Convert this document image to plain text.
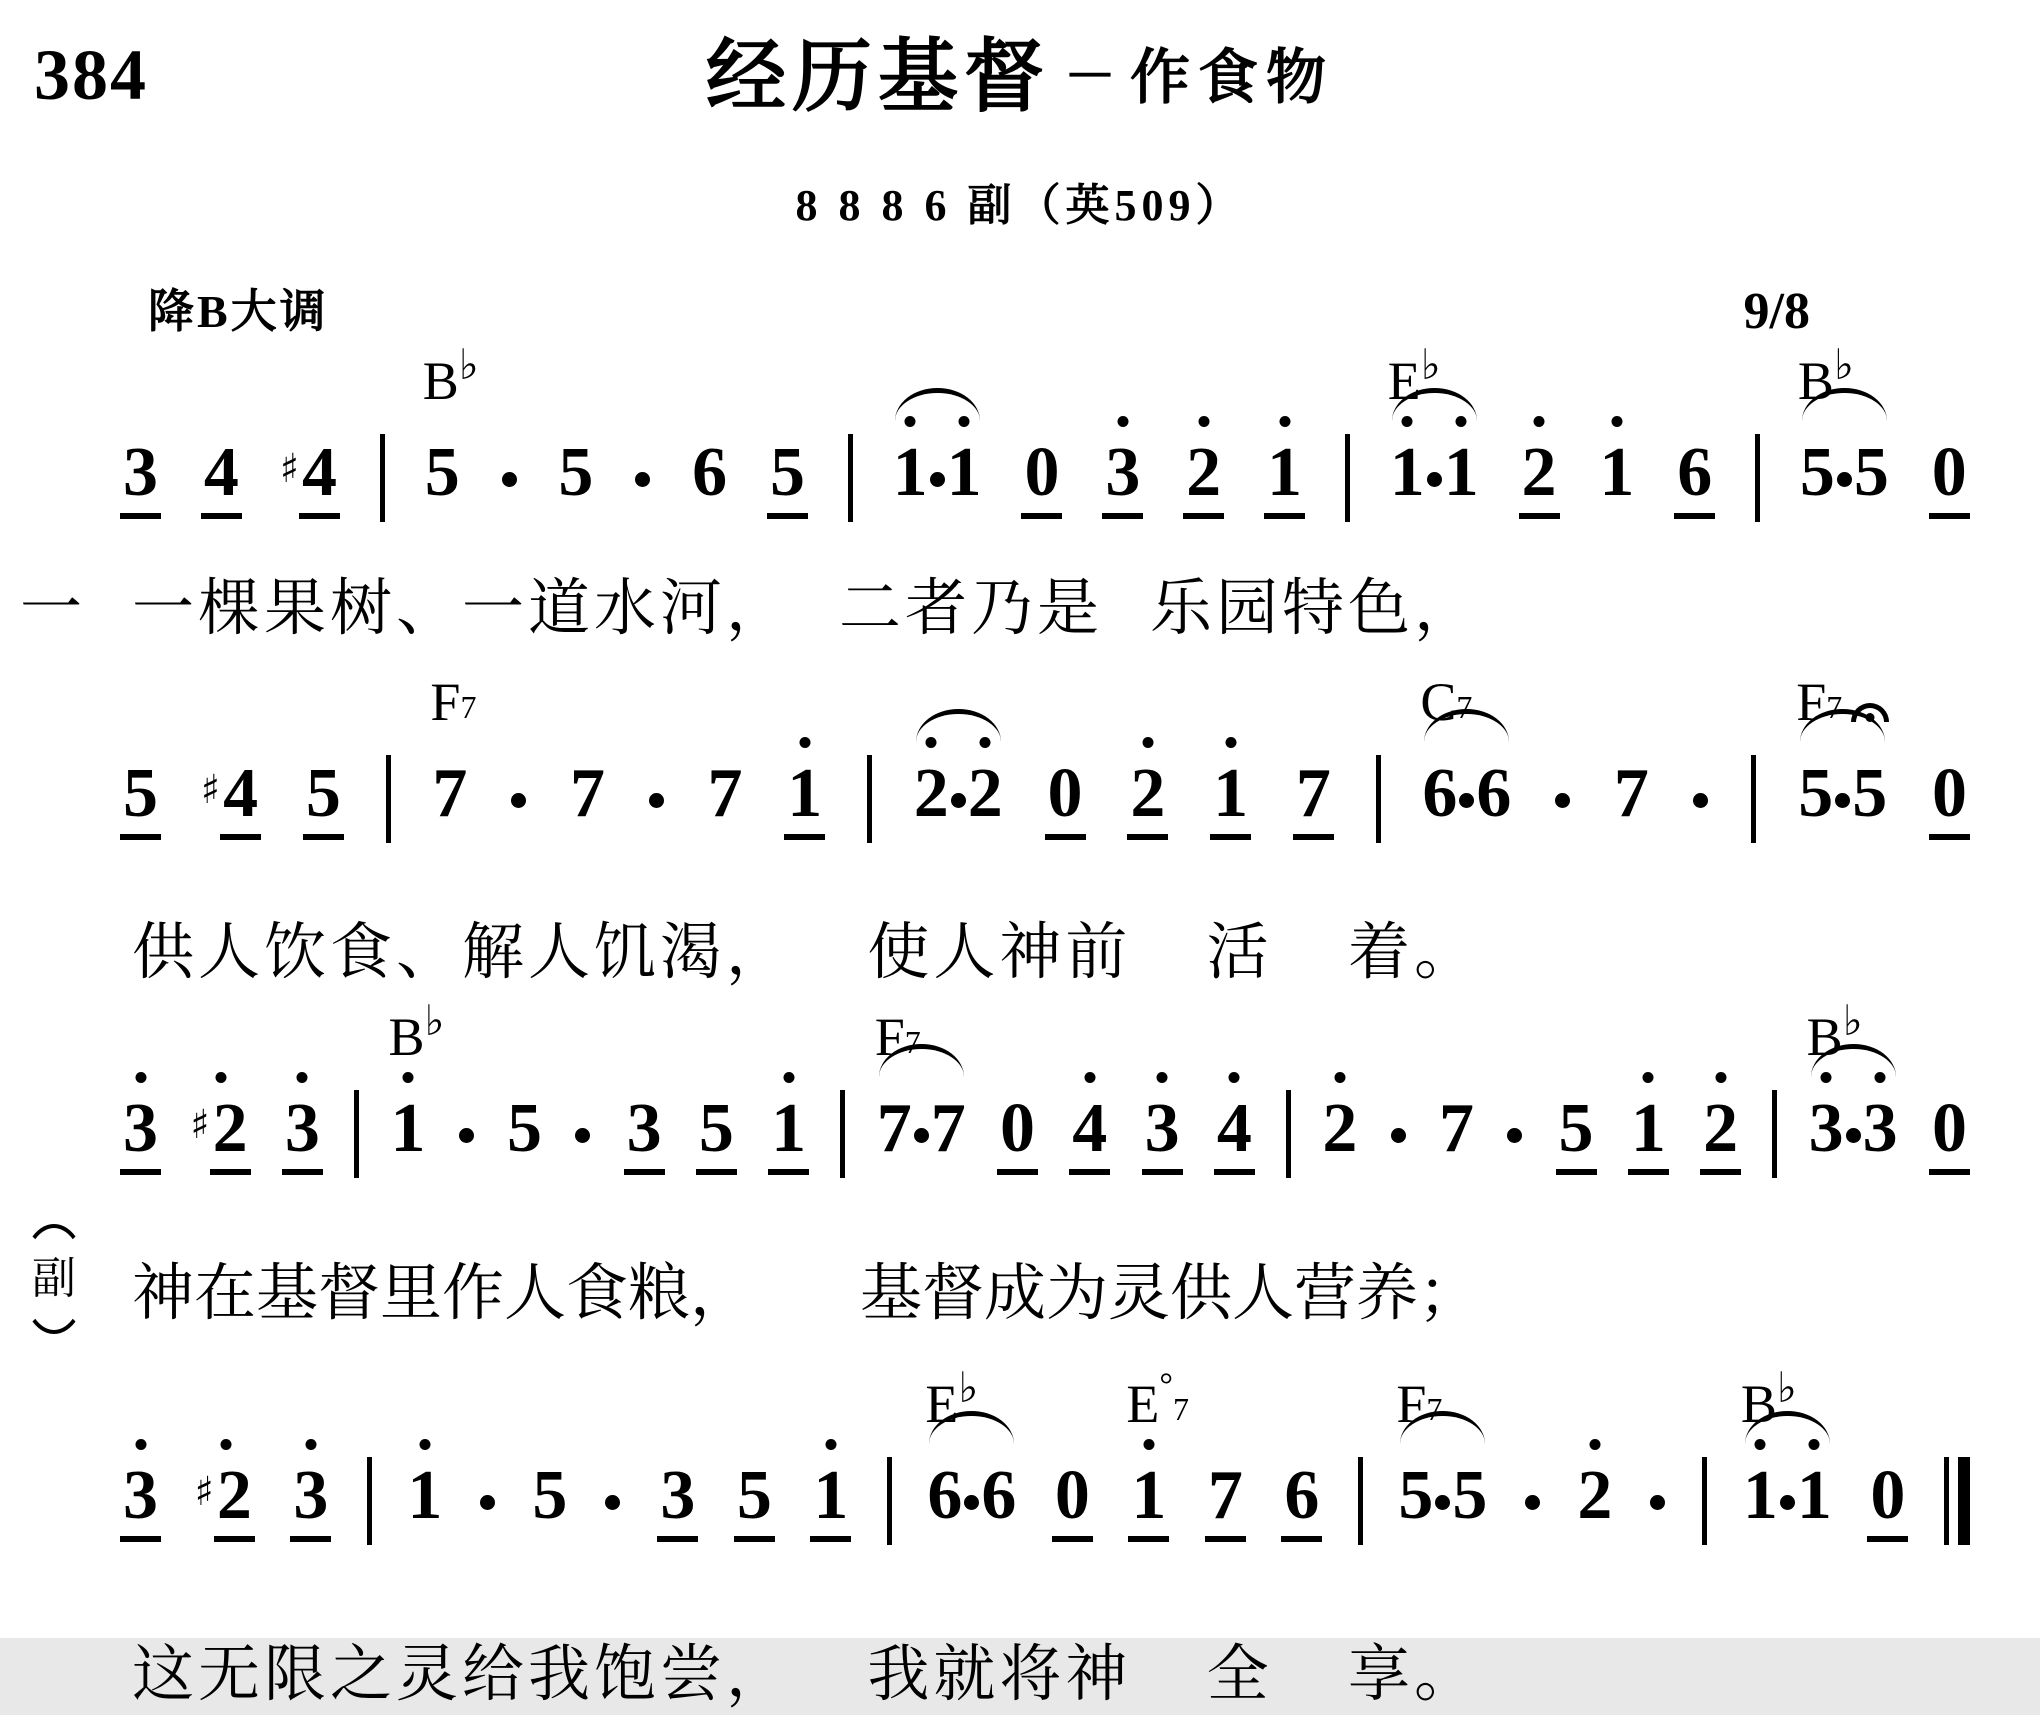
384	经历基督 － 作食物
8 8 8 6 副（英509）
降B大调	9/8
3 4 ♯ 4
B♭
5 5 6 5 1 1 0 3 2 1
E♭
1 1 2 1 6
B♭
5 5 0
一 一棵果树、一道水河， 二者乃是 乐园特色，
5 ♯ 4 5
F7
7 7 7 1 2 2 0 2 1 7
C7
6 6 7
F7
5 5 0
供人饮食、解人饥渴， 使人神前 活 着。
3 ♯ 2 3
B♭
1 5 3 5 1
F7
7 7 0 4 3 4 2 7 5 1 2
B♭
3 3 0
副 神在基督里作人食粮， 基督成为灵供人营养；
3 ♯ 2 3 1 5 3 5 1
E♭
6 6 0
E°7
1 7 6
F7
5 5 2
B♭
1 1 0
这无限之灵给我饱尝， 我就将神 全 享。
